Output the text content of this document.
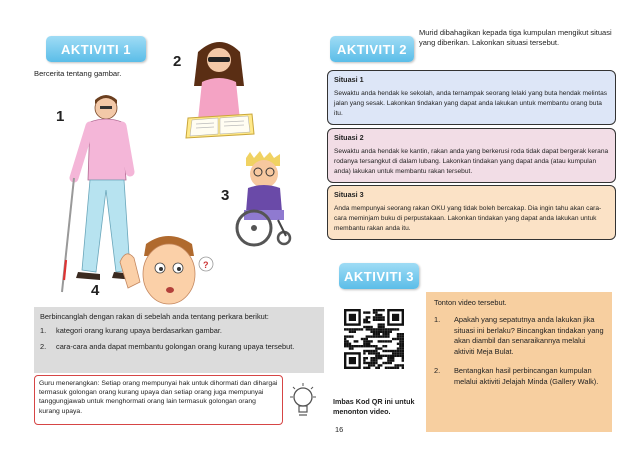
AKTIVITI 1
Bercerita tentang gambar.
1
2
3
4
?
Berbincanglah dengan rakan di sebelah anda tentang perkara berikut:
1.	kategori orang kurang upaya berdasarkan gambar.
2.	cara-cara anda dapat membantu golongan orang kurang upaya tersebut.
Guru menerangkan: Setiap orang mempunyai hak untuk dihormati dan dihargai termasuk golongan orang kurang upaya dan setiap orang juga mempunyai tanggungjawab untuk menghormati orang lain termasuk golongan orang kurang upaya.
AKTIVITI 2
Murid dibahagikan kepada tiga kumpulan mengikut situasi yang diberikan. Lakonkan situasi tersebut.
Situasi 1
Sewaktu anda hendak ke sekolah, anda ternampak seorang lelaki yang buta hendak melintas jalan yang sesak. Lakonkan tindakan yang dapat anda lakukan untuk membantu orang buta itu.
Situasi 2
Sewaktu anda hendak ke kantin, rakan anda yang berkerusi roda tidak dapat bergerak kerana rodanya tersangkut di dalam lubang. Lakonkan tindakan yang dapat anda (atau kumpulan anda) lakukan untuk membantu rakan tersebut.
Situasi 3
Anda mempunyai seorang rakan OKU yang tidak boleh bercakap. Dia ingin tahu akan cara-cara meminjam buku di perpustakaan. Lakonkan tindakan yang dapat anda lakukan untuk membantu rakan anda itu.
AKTIVITI 3
Imbas Kod QR ini untuk menonton video.
Tonton video tersebut.
1.	Apakah yang sepatutnya anda lakukan jika situasi ini berlaku? Bincangkan tindakan yang akan diambil dan senaraikannya melalui aktiviti Meja Bulat.
2.	Bentangkan hasil perbincangan kumpulan melalui aktiviti Jelajah Minda (Gallery Walk).
16
